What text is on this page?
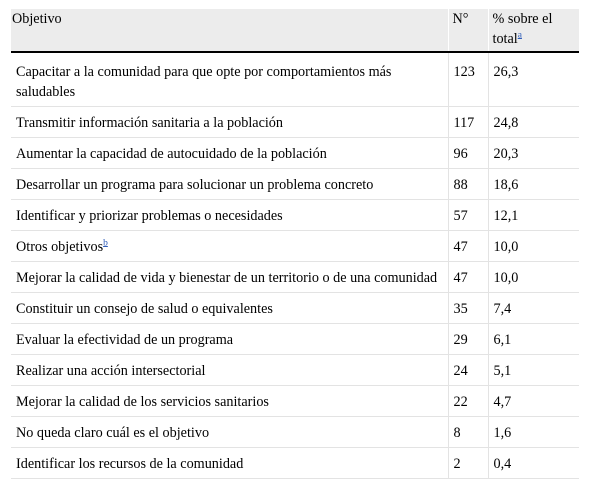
Objetivo	N°	% sobre el total$^a$
Capacitar a la comunidad para que opte por comportamientos más saludables	123	26,3
Transmitir información sanitaria a la población	117	24,8
Aumentar la capacidad de autocuidado de la población	96	20,3
Desarrollar un programa para solucionar un problema concreto	88	18,6
Identificar y priorizar problemas o necesidades	57	12,1
Otros objetivos$^b$	47	10,0
Mejorar la calidad de vida y bienestar de un territorio o de una comunidad	47	10,0
Constituir un consejo de salud o equivalentes	35	7,4
Evaluar la efectividad de un programa	29	6,1
Realizar una acción intersectorial	24	5,1
Mejorar la calidad de los servicios sanitarios	22	4,7
No queda claro cuál es el objetivo	8	1,6
Identificar los recursos de la comunidad	2	0,4
